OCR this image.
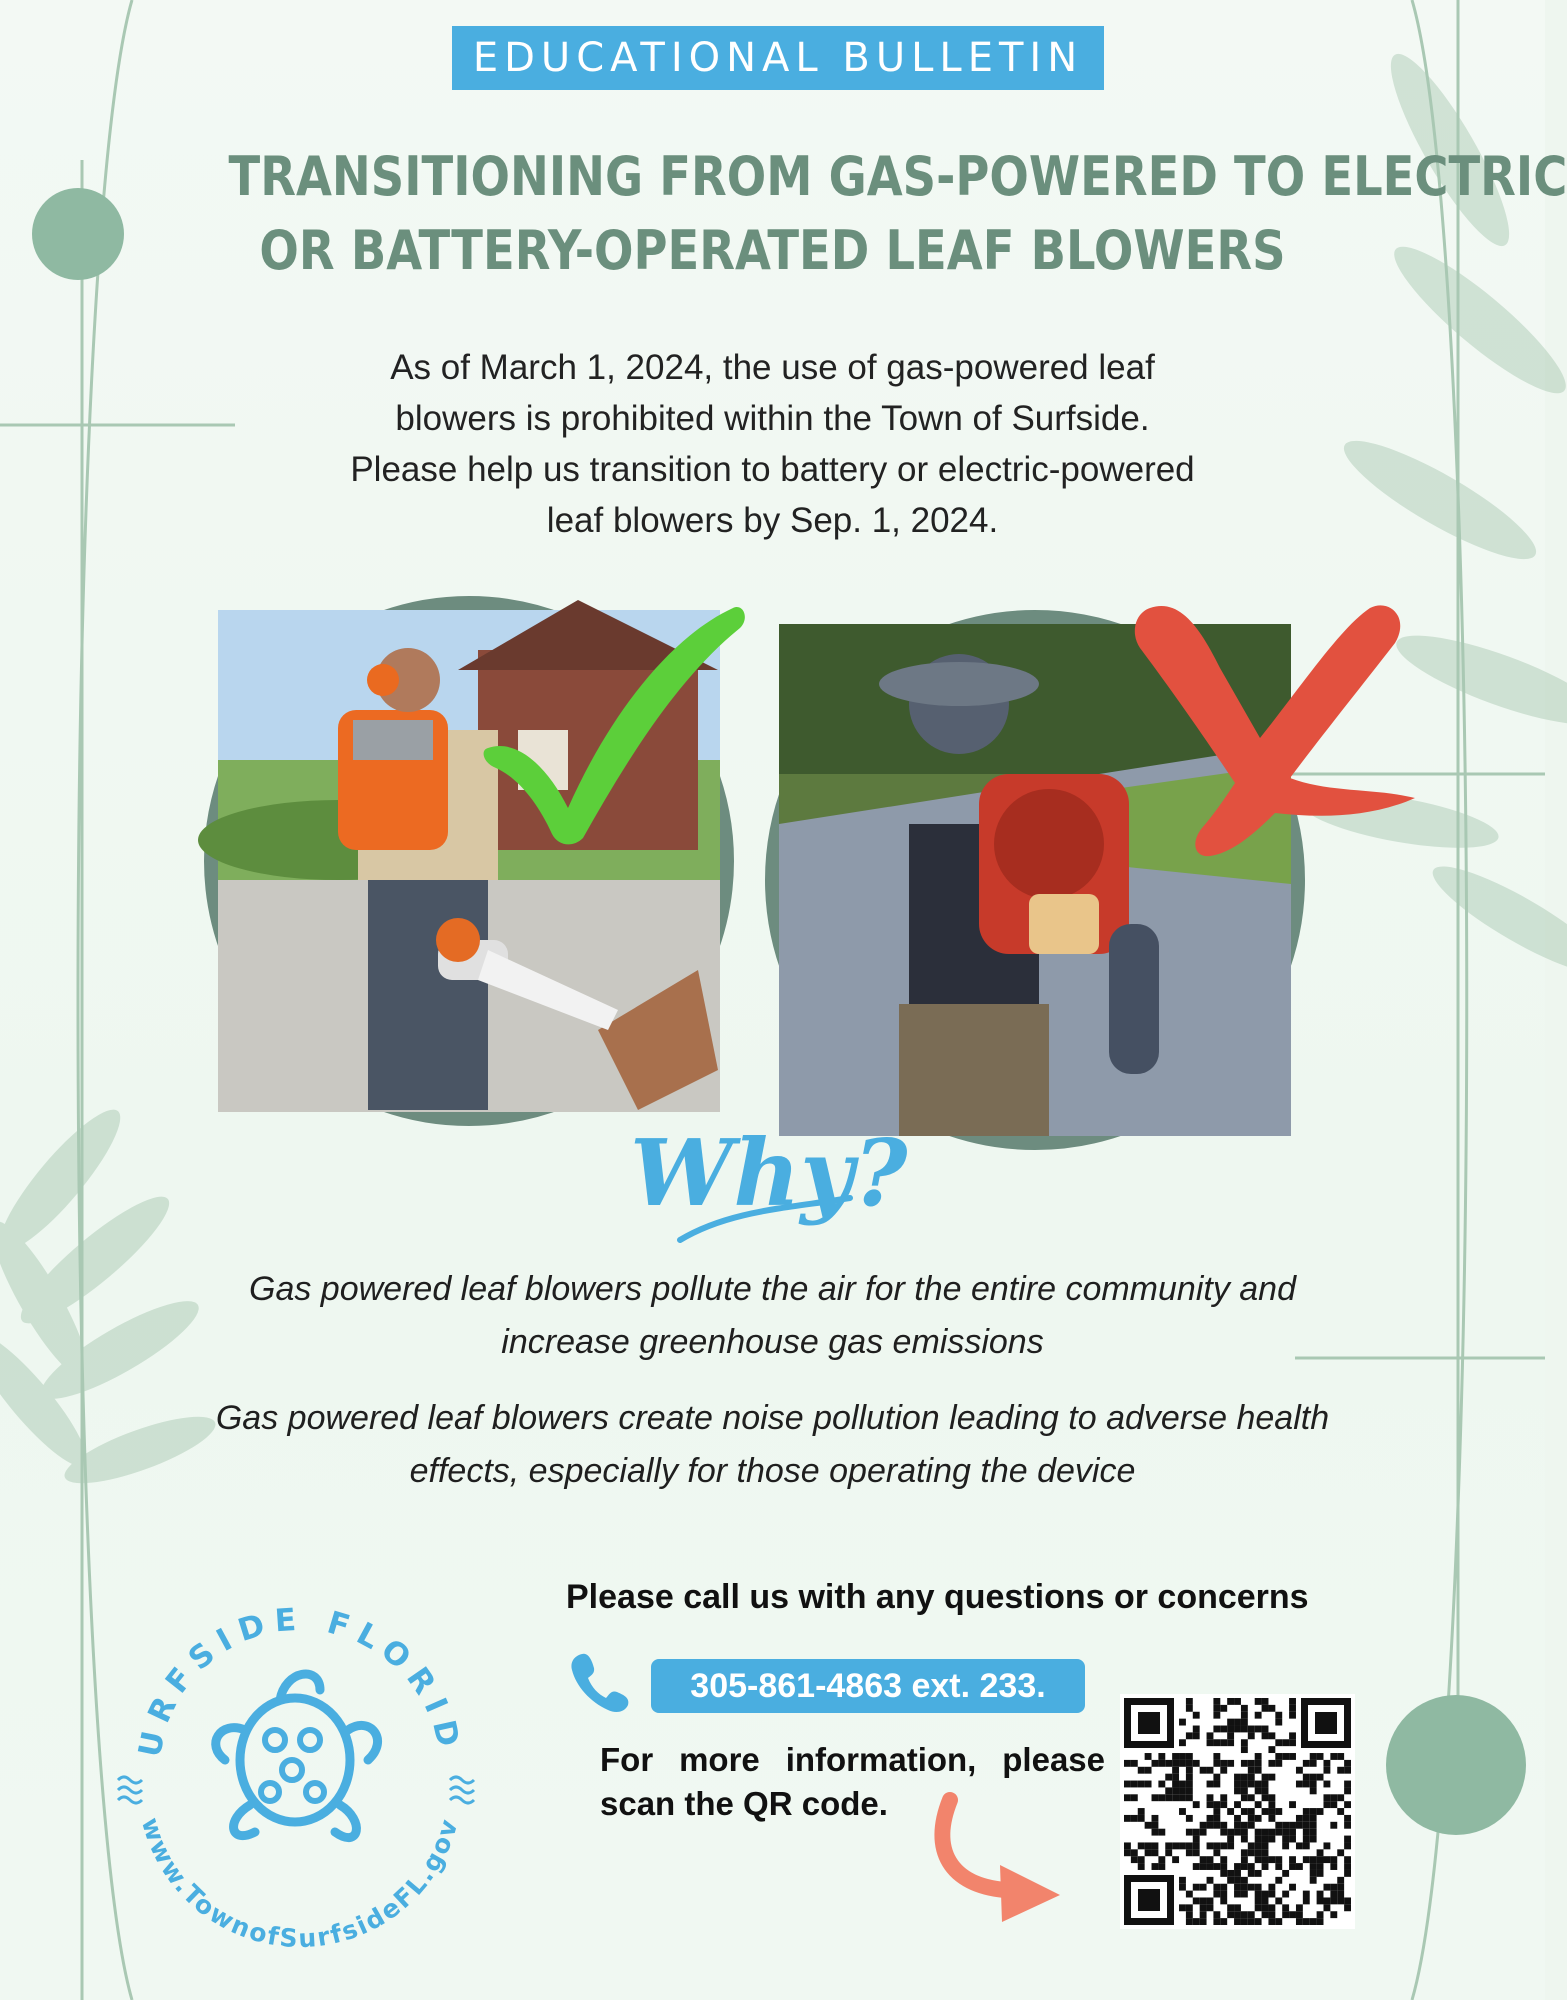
EDUCATIONAL BULLETIN
TRANSITIONING FROM GAS-POWERED TO ELECTRIC
OR BATTERY-OPERATED LEAF BLOWERS
As of March 1, 2024, the use of gas-powered leaf
blowers is prohibited within the Town of Surfside.
Please help us transition to battery or electric-powered
leaf blowers by Sep. 1, 2024.
Why?
Gas powered leaf blowers pollute the air for the entire community and
increase greenhouse gas emissions
Gas powered leaf blowers create noise pollution leading to adverse health
effects, especially for those operating the device
URFSIDE FLORID
www.TownofSurfsideFL.gov
Please call us with any questions or concerns
305-861-4863 ext. 233.
For more information, please scan the QR code.
